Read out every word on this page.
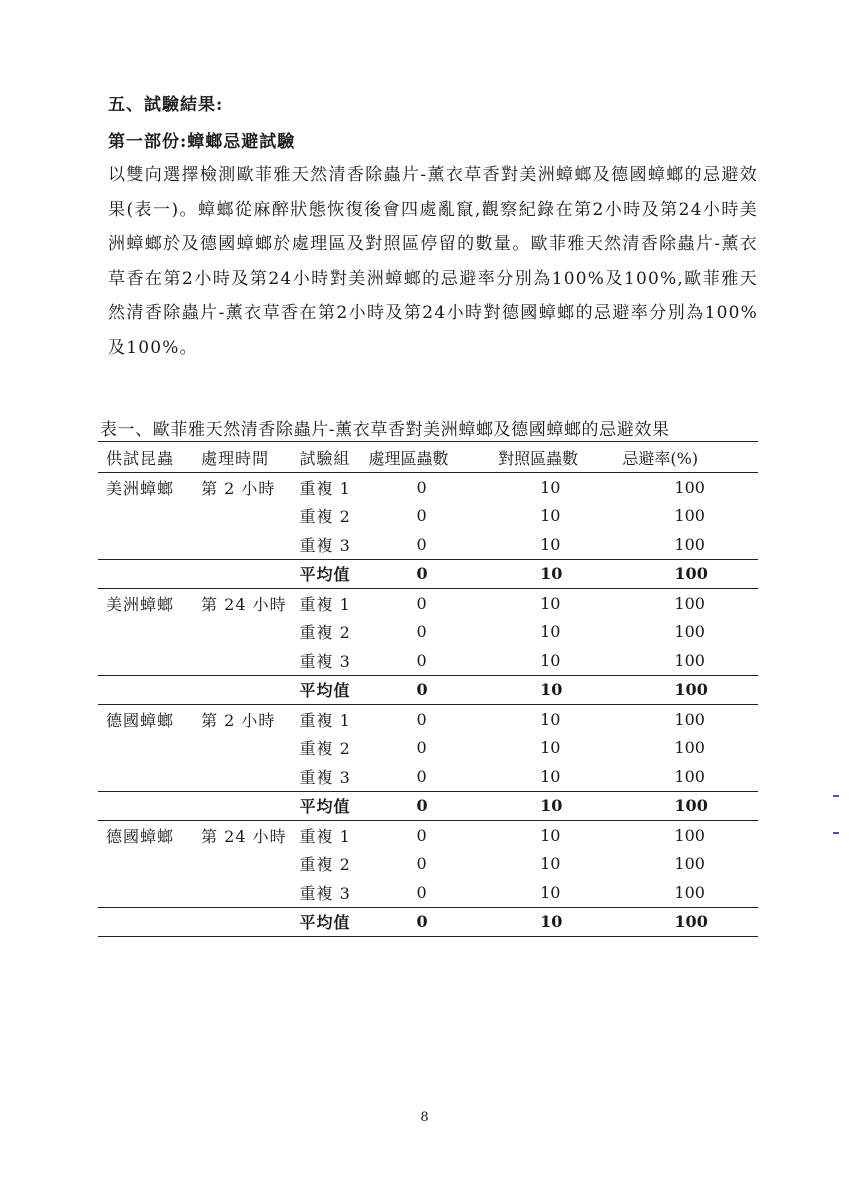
五、試驗結果:
第一部份:蟑螂忌避試驗
以雙向選擇檢測歐菲雅天然清香除蟲片-薰衣草香對美洲蟑螂及德國蟑螂的忌避效果(表一)。蟑螂從麻醉狀態恢復後會四處亂竄,觀察紀錄在第2小時及第24小時美洲蟑螂於及德國蟑螂於處理區及對照區停留的數量。歐菲雅天然清香除蟲片-薰衣草香在第2小時及第24小時對美洲蟑螂的忌避率分別為100%及100%,歐菲雅天然清香除蟲片-薰衣草香在第2小時及第24小時對德國蟑螂的忌避率分別為100%及100%。
表一、歐菲雅天然清香除蟲片-薰衣草香對美洲蟑螂及德國蟑螂的忌避效果
供試昆蟲	處理時間	試驗組	處理區蟲數	對照區蟲數	忌避率(%)
美洲蟑螂	第 2 小時	重複 1	0	10	100
		重複 2	0	10	100
		重複 3	0	10	100
		平均值	0	10	100
美洲蟑螂	第 24 小時	重複 1	0	10	100
		重複 2	0	10	100
		重複 3	0	10	100
		平均值	0	10	100
德國蟑螂	第 2 小時	重複 1	0	10	100
		重複 2	0	10	100
		重複 3	0	10	100
		平均值	0	10	100
德國蟑螂	第 24 小時	重複 1	0	10	100
		重複 2	0	10	100
		重複 3	0	10	100
		平均值	0	10	100
8
